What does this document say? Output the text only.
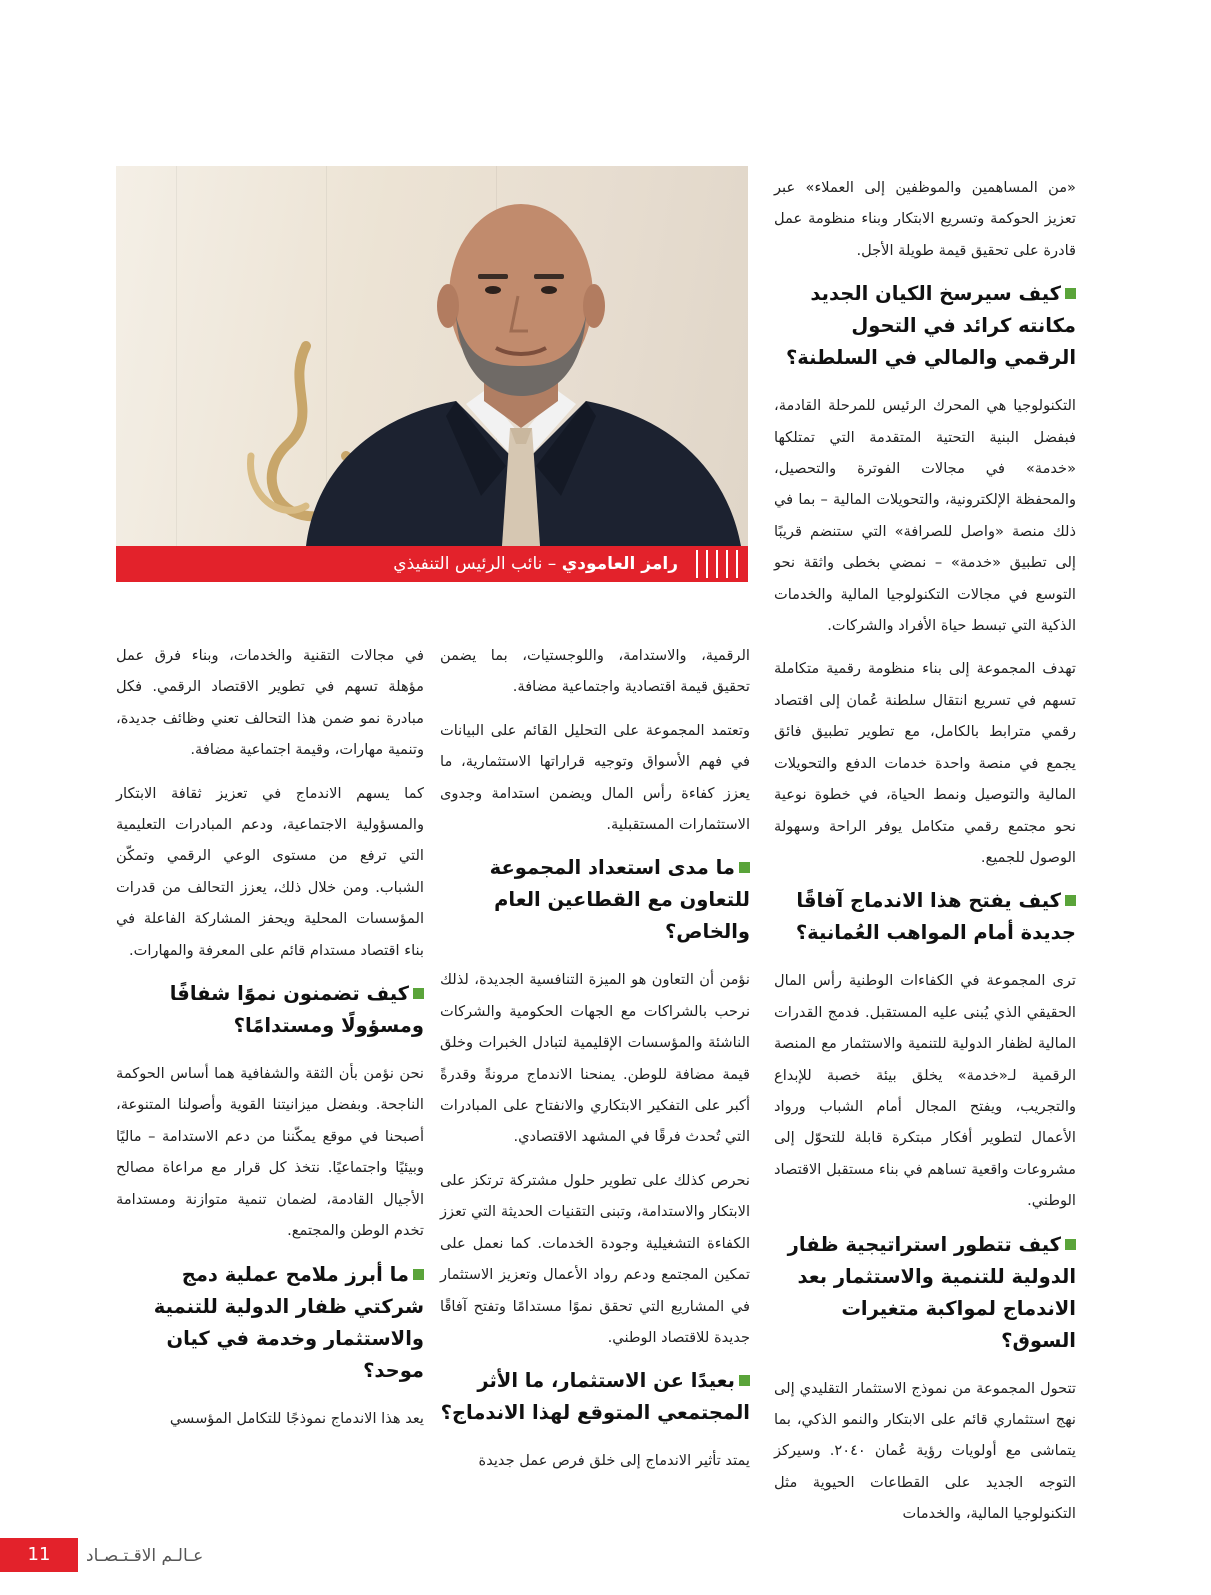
رامز العامودي – نائب الرئيس التنفيذي

«من المساهمين والموظفين إلى العملاء» عبر تعزيز الحوكمة وتسريع الابتكار وبناء منظومة عمل قادرة على تحقيق قيمة طويلة الأجل.

كيف سيرسخ الكيان الجديد مكانته كرائد في التحول الرقمي والمالي في السلطنة؟

التكنولوجيا هي المحرك الرئيس للمرحلة القادمة، فبفضل البنية التحتية المتقدمة التي تمتلكها «خدمة» في مجالات الفوترة والتحصيل، والمحفظة الإلكترونية، والتحويلات المالية – بما في ذلك منصة «واصل للصرافة» التي ستنضم قريبًا إلى تطبيق «خدمة» – نمضي بخطى واثقة نحو التوسع في مجالات التكنولوجيا المالية والخدمات الذكية التي تبسط حياة الأفراد والشركات.

تهدف المجموعة إلى بناء منظومة رقمية متكاملة تسهم في تسريع انتقال سلطنة عُمان إلى اقتصاد رقمي مترابط بالكامل، مع تطوير تطبيق فائق يجمع في منصة واحدة خدمات الدفع والتحويلات المالية والتوصيل ونمط الحياة، في خطوة نوعية نحو مجتمع رقمي متكامل يوفر الراحة وسهولة الوصول للجميع.

كيف يفتح هذا الاندماج آفاقًا جديدة أمام المواهب العُمانية؟

ترى المجموعة في الكفاءات الوطنية رأس المال الحقيقي الذي يُبنى عليه المستقبل. فدمج القدرات المالية لظفار الدولية للتنمية والاستثمار مع المنصة الرقمية لـ«خدمة» يخلق بيئة خصبة للإبداع والتجريب، ويفتح المجال أمام الشباب ورواد الأعمال لتطوير أفكار مبتكرة قابلة للتحوّل إلى مشروعات واقعية تساهم في بناء مستقبل الاقتصاد الوطني.

كيف تتطور استراتيجية ظفار الدولية للتنمية والاستثمار بعد الاندماج لمواكبة متغيرات السوق؟

تتحول المجموعة من نموذج الاستثمار التقليدي إلى نهج استثماري قائم على الابتكار والنمو الذكي، بما يتماشى مع أولويات رؤية عُمان ٢٠٤٠. وسيركز التوجه الجديد على القطاعات الحيوية مثل التكنولوجيا المالية، والخدمات

الرقمية، والاستدامة، واللوجستيات، بما يضمن تحقيق قيمة اقتصادية واجتماعية مضافة.

وتعتمد المجموعة على التحليل القائم على البيانات في فهم الأسواق وتوجيه قراراتها الاستثمارية، ما يعزز كفاءة رأس المال ويضمن استدامة وجدوى الاستثمارات المستقبلية.

ما مدى استعداد المجموعة للتعاون مع القطاعين العام والخاص؟

نؤمن أن التعاون هو الميزة التنافسية الجديدة، لذلك نرحب بالشراكات مع الجهات الحكومية والشركات الناشئة والمؤسسات الإقليمية لتبادل الخبرات وخلق قيمة مضافة للوطن. يمنحنا الاندماج مرونةً وقدرةً أكبر على التفكير الابتكاري والانفتاح على المبادرات التي تُحدث فرقًا في المشهد الاقتصادي.

نحرص كذلك على تطوير حلول مشتركة ترتكز على الابتكار والاستدامة، وتبنى التقنيات الحديثة التي تعزز الكفاءة التشغيلية وجودة الخدمات. كما نعمل على تمكين المجتمع ودعم رواد الأعمال وتعزيز الاستثمار في المشاريع التي تحقق نموًا مستدامًا وتفتح آفاقًا جديدة للاقتصاد الوطني.

بعيدًا عن الاستثمار، ما الأثر المجتمعي المتوقع لهذا الاندماج؟

يمتد تأثير الاندماج إلى خلق فرص عمل جديدة

في مجالات التقنية والخدمات، وبناء فرق عمل مؤهلة تسهم في تطوير الاقتصاد الرقمي. فكل مبادرة نمو ضمن هذا التحالف تعني وظائف جديدة، وتنمية مهارات، وقيمة اجتماعية مضافة.

كما يسهم الاندماج في تعزيز ثقافة الابتكار والمسؤولية الاجتماعية، ودعم المبادرات التعليمية التي ترفع من مستوى الوعي الرقمي وتمكّن الشباب. ومن خلال ذلك، يعزز التحالف من قدرات المؤسسات المحلية ويحفز المشاركة الفاعلة في بناء اقتصاد مستدام قائم على المعرفة والمهارات.

كيف تضمنون نموًا شفافًا ومسؤولًا ومستدامًا؟

نحن نؤمن بأن الثقة والشفافية هما أساس الحوكمة الناجحة. وبفضل ميزانيتنا القوية وأصولنا المتنوعة، أصبحنا في موقع يمكّننا من دعم الاستدامة – ماليًا وبيئيًا واجتماعيًا. نتخذ كل قرار مع مراعاة مصالح الأجيال القادمة، لضمان تنمية متوازنة ومستدامة تخدم الوطن والمجتمع.

ما أبرز ملامح عملية دمج شركتي ظفار الدولية للتنمية والاستثمار وخدمة في كيان موحد؟

يعد هذا الاندماج نموذجًا للتكامل المؤسسي

11	عـالـم الاقـتـصـاد
